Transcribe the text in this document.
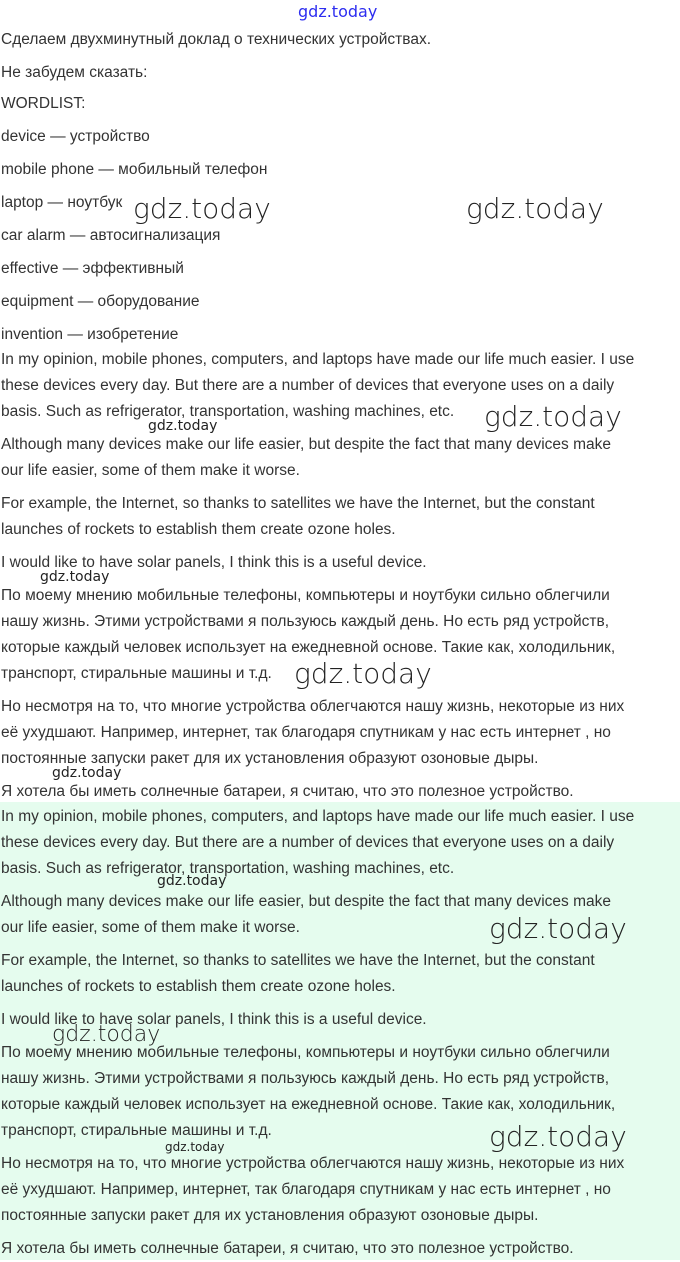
gdz.today

Сделаем двухминутный доклад о технических устройствах.

Не забудем сказать:

WORDLIST:

device — устройство

mobile phone — мобильный телефон

laptop — ноутбук

car alarm — автосигнализация

effective — эффективный

equipment — оборудование

invention — изобретение

In my opinion, mobile phones, computers, and laptops have made our life much easier. I use

these devices every day. But there are a number of devices that everyone uses on a daily

basis. Such as refrigerator, transportation, washing machines, etc.

Although many devices make our life easier, but despite the fact that many devices make

our life easier, some of them make it worse.

For example, the Internet, so thanks to satellites we have the Internet, but the constant

launches of rockets to establish them create ozone holes.

I would like to have solar panels, I think this is a useful device.

По моему мнению мобильные телефоны, компьютеры и ноутбуки сильно облегчили

нашу жизнь. Этими устройствами я пользуюсь каждый день. Но есть ряд устройств,

которые каждый человек использует на ежедневной основе. Такие как, холодильник,

транспорт, стиральные машины и т.д.

Но несмотря на то, что многие устройства облегчаются нашу жизнь, некоторые из них

её ухудшают. Например, интернет, так благодаря спутникам у нас есть интернет , но

постоянные запуски ракет для их установления образуют озоновые дыры.

Я хотела бы иметь солнечные батареи, я считаю, что это полезное устройство.

In my opinion, mobile phones, computers, and laptops have made our life much easier. I use

these devices every day. But there are a number of devices that everyone uses on a daily

basis. Such as refrigerator, transportation, washing machines, etc.

Although many devices make our life easier, but despite the fact that many devices make

our life easier, some of them make it worse.

For example, the Internet, so thanks to satellites we have the Internet, but the constant

launches of rockets to establish them create ozone holes.

I would like to have solar panels, I think this is a useful device.

По моему мнению мобильные телефоны, компьютеры и ноутбуки сильно облегчили

нашу жизнь. Этими устройствами я пользуюсь каждый день. Но есть ряд устройств,

которые каждый человек использует на ежедневной основе. Такие как, холодильник,

транспорт, стиральные машины и т.д.

Но несмотря на то, что многие устройства облегчаются нашу жизнь, некоторые из них

её ухудшают. Например, интернет, так благодаря спутникам у нас есть интернет , но

постоянные запуски ракет для их установления образуют озоновые дыры.

Я хотела бы иметь солнечные батареи, я считаю, что это полезное устройство.

gdz.today	gdz.today
gdz.today
gdz.today
gdz.today
gdz.today
gdz.today
gdz.today
gdz.today
gdz.today
gdz.today
gdz.today
